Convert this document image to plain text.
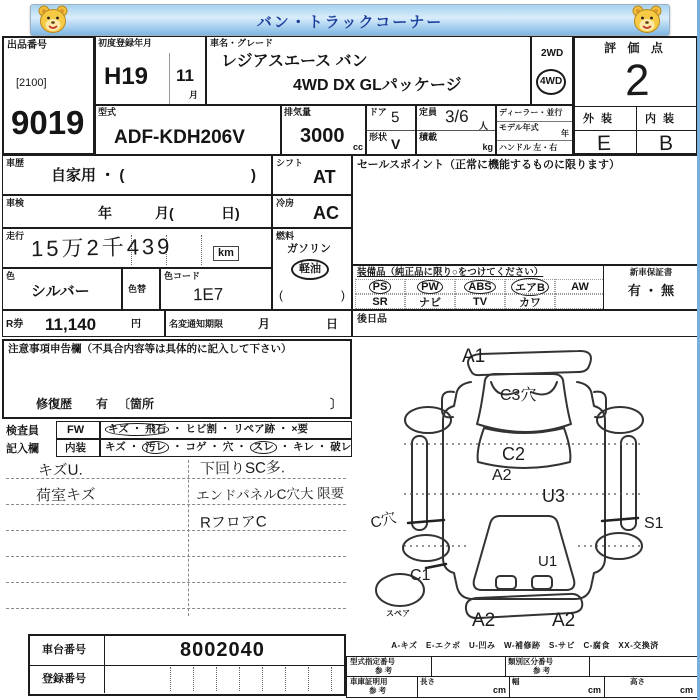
バン・トラックコーナー
出品番号
[2100]
9019
初度登録年月
H19 11
月
車名・グレード
レジアスエース バン
4WD DX GLパッケージ
2WD
4WD
評 価 点
2
外 装	内 装
E B
型式
ADF-KDH206V
排気量
3000 cc
ドア 5
形状 V
定員 3/6 人
積載
kg
ディーラー・並行
モデル年式
年
ハンドル 左・右
車歴
自家用 ・ (	)
車検
年	月(	日)
走行 15万2千439	km
色
シルバー	色替
色コード
1E7
R券 11,140	円	名変通知期限	月	日
シフト
AT
冷房 AC
燃料
ガソリン
軽油
(	)
セールスポイント（正常に機能するものに限ります）
装備品（純正品に限り○をつけてください）
PS	PW	ABS	エアB	AW
SR	ナビ	TV	カワ
新車保証書
有 ・ 無
後日品
注意事項申告欄（不具合内容等は具体的に記入して下さい）
修復歴 有 〔箇所	〕
検査員
記入欄
FW キズ ・ 飛石 ・ ヒビ割 ・ リペア跡 ・ ×要
内装 キズ ・ 汚レ ・ コゲ ・ 穴 ・ スレ ・ キレ ・ 破レ
キズU.
荷室キズ
下回りSC多.
エンドパネルC穴大 限要
RフロアC
車台番号	8002040
登録番号
A1
C3穴
C2
A2
U3
C穴	S1
C1
U1
A2	A2
スペア
A-キズ　E-エクボ　U-凹み　W-補修跡　S-サビ　C-腐食　XX-交換済
型式指定番号
参 考
類別区分番号
参 考
車庫証明用
参 考
長さ
cm
幅
cm
高さ
cm
